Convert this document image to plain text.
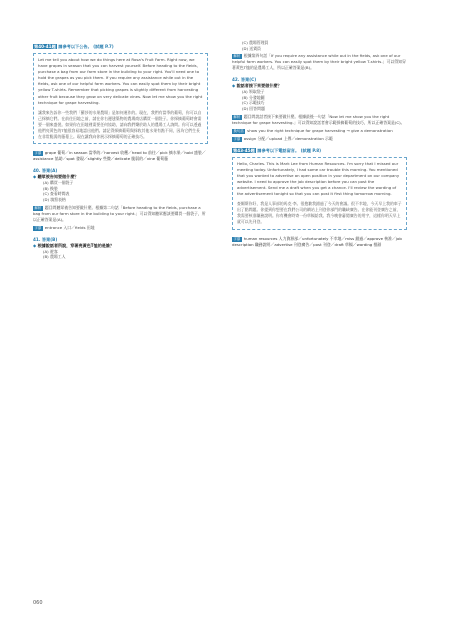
第40-41題 請參考以下公告。 (試題 P.7)
Let me tell you about how we do things here at Rosa's Fruit Farm. Right now, we have grapes in season that you can harvest yourself. Before heading to the fields, purchase a bag from our farm store in the building to your right. You'll need one to hold the grapes as you pick them. If you require any assistance while out in the fields, ask one of our helpful farm workers. You can easily spot them by their bright yellow T-shirts. Remember that picking grapes is slightly different from harvesting other fruit because they grow on very delicate vines. Now let me show you the right technique for grape harvesting.
讓我來告訴你一些我們「羅莎的水果農場」是如何運作的。現在，我們有當季的葡萄，你可以自己採摘它們。在前往田地之前，請在你右邊建築物的農場商店購買一個袋子。你採摘葡萄時會需要一個來盛裝。如果你在田地裡需要任何協助，請向我們樂於助人的農場工人詢問。你可以透過他們亮黃色的T恤很容易地認出他們。請記得採摘葡萄與採收其他水果有點不同，因為它們生長在非常脆弱的藤蔓上。現在讓我向你展示採摘葡萄的正確技巧。
字彙 grape 葡萄／in season 當季的／harvest 收穫／head to 前往／pick 摘水果／hold 盛裝／assistance 協助／spot 發現／slightly 些微／delicate 脆弱的／vine 葡萄藤
40. 答案(A)
◆ 聽眾被告知要做什麼？
(A) 購買一個袋子
(B) 換裝
(C) 查看時間表
(D) 填寫表格
解析 題目問聽眾被告知要做什麼。根據第二句話「Before heading to the fields, purchase a bag from our farm store in the building to your right.」可以得知聽眾應該要購買一個袋子，所以正確答案是(A)。
字彙 entrance 入口／fields 田地
41. 答案(B)
◆ 根據說話者所說，穿著亮黃色T恤的是誰？
(A) 遊客
(B) 農場工人
(C) 農場管理員
(D) 送貨員
解析 根據第四句話「If you require any assistance while out in the fields, ask one of our helpful farm workers. You can easily spot them by their bright yellow T-shirts.」可以得知穿著黃色T恤的是農場工人，所以正確答案是(B)。
42. 答案(C)
◆ 說話者接下來要做什麼？
(A) 領取袋子
(B) 分發地圖
(C) 示範技巧
(D) 回答問題
解析 題目問說話者接下來要做什麼。根據最後一句話「Now let me show you the right technique for grape harvesting.」可以得知說話者會示範採摘葡萄的技巧，所以正確答案是(C)。
換句話 show you the right technique for grape harvesting → give a demonstration
字彙 assign 分配／upload 上傳／demonstration 示範
第43-45題 請參考以下電話留言。 (試題 P.8)
Hello, Charles. This is Mark Lee from Human Resources. I'm sorry that I missed our meeting today. Unfortunately, I had some car trouble this morning. You mentioned that you wanted to advertise an open position in your department on our company website. I need to approve the job description before you can post the advertisement. Send me a draft when you get a chance. I'll review the wording of the advertisement tonight so that you can post it first thing tomorrow morning.
查爾斯你好，我是人事部的馬克·李。很抱歉我錯過了今天的會議。很不幸地，今天早上我的車子出了點問題。你提到你想要在我們公司的網站上刊登你部門的職缺廣告。在你能刊登廣告之前，我需要核准職務說明。你有機會時寄一份草稿給我。我今晚會審閱廣告的用字，這樣你明天早上就可以先刊登。
字彙 human resources 人力資源部／unfortunately 不幸地／miss 錯過／approve 核准／job description 職務說明／advertise 刊登廣告／post 刊登／draft 草稿／wording 措辭
060
